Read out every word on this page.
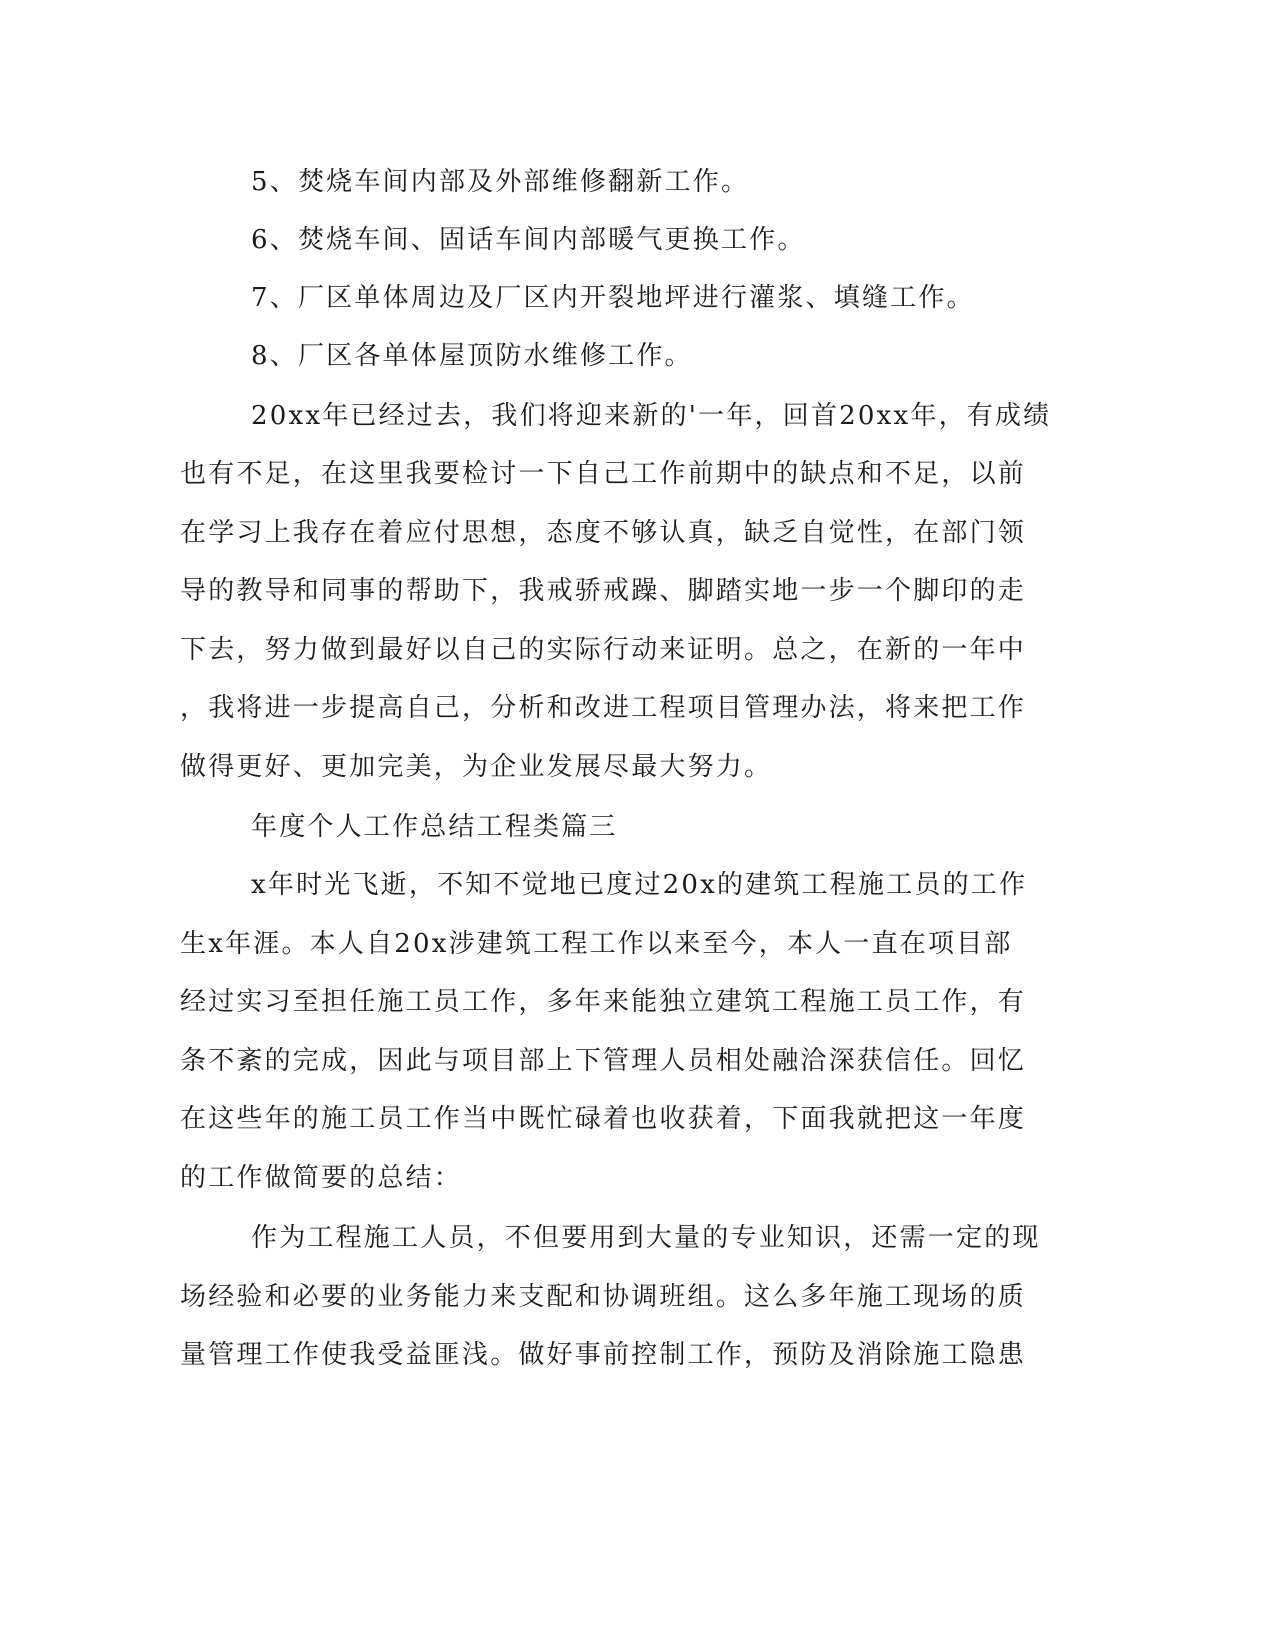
5、焚烧车间内部及外部维修翻新工作。
6、焚烧车间、固话车间内部暖气更换工作。
7、厂区单体周边及厂区内开裂地坪进行灌浆、填缝工作。
8、厂区各单体屋顶防水维修工作。
20xx年已经过去，我们将迎来新的'一年，回首20xx年，有成绩
也有不足，在这里我要检讨一下自己工作前期中的缺点和不足，以前
在学习上我存在着应付思想，态度不够认真，缺乏自觉性，在部门领
导的教导和同事的帮助下，我戒骄戒躁、脚踏实地一步一个脚印的走
下去，努力做到最好以自己的实际行动来证明。总之，在新的一年中
，我将进一步提高自己，分析和改进工程项目管理办法，将来把工作
做得更好、更加完美，为企业发展尽最大努力。
年度个人工作总结工程类篇三
x年时光飞逝，不知不觉地已度过20x的建筑工程施工员的工作
生x年涯。本人自20x涉建筑工程工作以来至今，本人一直在项目部
经过实习至担任施工员工作，多年来能独立建筑工程施工员工作，有
条不紊的完成，因此与项目部上下管理人员相处融洽深获信任。回忆
在这些年的施工员工作当中既忙碌着也收获着，下面我就把这一年度
的工作做简要的总结：
作为工程施工人员，不但要用到大量的专业知识，还需一定的现
场经验和必要的业务能力来支配和协调班组。这么多年施工现场的质
量管理工作使我受益匪浅。做好事前控制工作，预防及消除施工隐患
